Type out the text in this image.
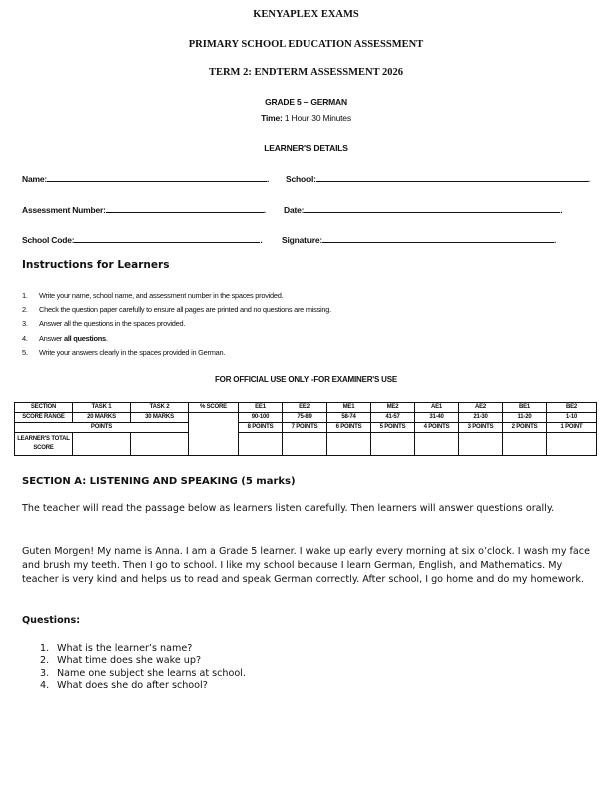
KENYAPLEX EXAMS
PRIMARY SCHOOL EDUCATION ASSESSMENT
TERM 2: ENDTERM ASSESSMENT 2026
GRADE 5 – GERMAN
Time: 1 Hour 30 Minutes
LEARNER'S DETAILS
Name:	. School:	.
Assessment Number:	. Date:	.
School Code:	. Signature:	.
Instructions for Learners
1. Write your name, school name, and assessment number in the spaces provided.
2. Check the question paper carefully to ensure all pages are printed and no questions are missing.
3. Answer all the questions in the spaces provided.
4. Answer all questions.
5. Write your answers clearly in the spaces provided in German.
FOR OFFICIAL USE ONLY -FOR EXAMINER'S USE
SECTION	TASK 1	TASK 2	% SCORE	EE1	EE2	ME1	ME2	AE1	AE2	BE1	BE2
SCORE RANGE	20 MARKS	30 MARKS		90-100	75-89	58-74	41-57	31-40	21-30	11-20	1-10
POINTS				8 POINTS	7 POINTS	6 POINTS	5 POINTS	4 POINTS	3 POINTS	2 POINTS	1 POINT
LEARNER'S TOTAL SCORE											
SECTION A: LISTENING AND SPEAKING (5 marks)
The teacher will read the passage below as learners listen carefully. Then learners will answer questions orally.
Guten Morgen! My name is Anna. I am a Grade 5 learner. I wake up early every morning at six o’clock. I wash my face and brush my teeth. Then I go to school. I like my school because I learn German, English, and Mathematics. My teacher is very kind and helps us to read and speak German correctly. After school, I go home and do my homework.
Questions:
1. What is the learner’s name?
2. What time does she wake up?
3. Name one subject she learns at school.
4. What does she do after school?
